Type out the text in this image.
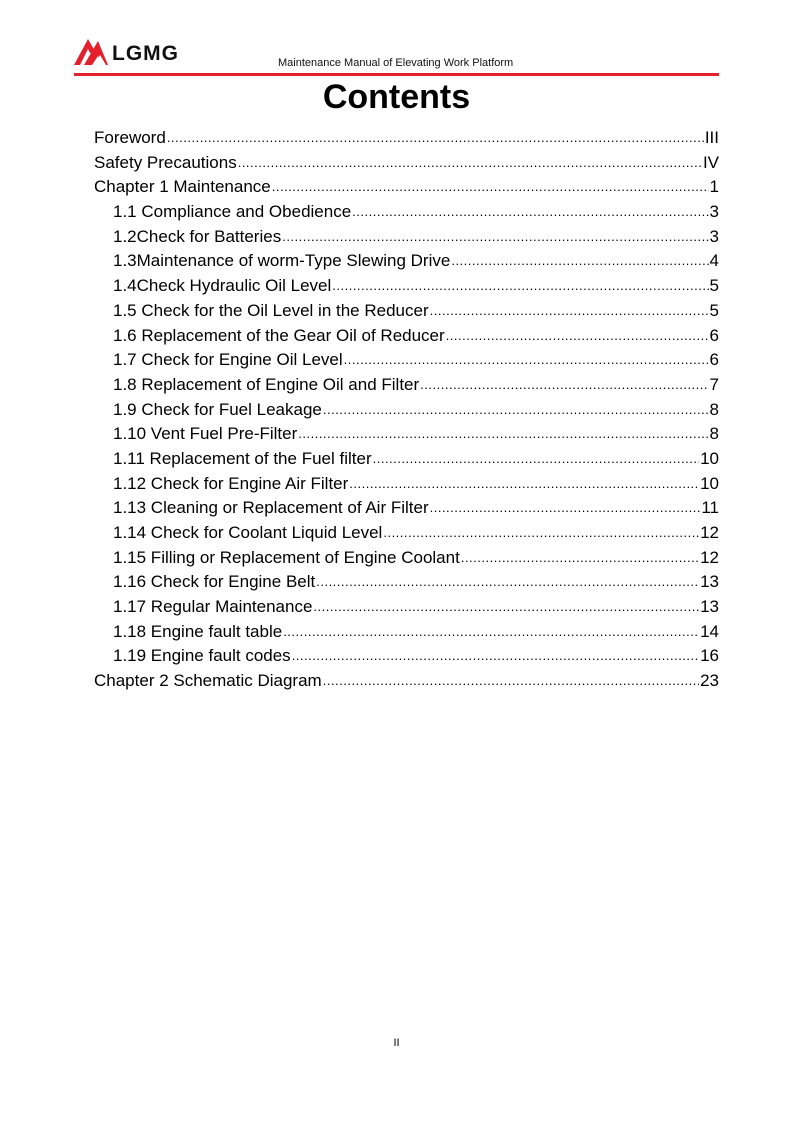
LGMG	Maintenance Manual of Elevating Work Platform
Contents
Foreword .....	III
Safety Precautions .....	IV
Chapter 1 Maintenance .....	1
1.1 Compliance and Obedience .....	3
1.2Check for Batteries .....	3
1.3Maintenance of worm-Type Slewing Drive .....	4
1.4Check Hydraulic Oil Level .....	5
1.5 Check for the Oil Level in the Reducer .....	5
1.6 Replacement of the Gear Oil of Reducer .....	6
1.7 Check for Engine Oil Level .....	6
1.8 Replacement of Engine Oil and Filter .....	7
1.9 Check for Fuel Leakage .....	8
1.10 Vent Fuel Pre-Filter .....	8
1.11 Replacement of the Fuel filter .....	10
1.12 Check for Engine Air Filter .....	10
1.13 Cleaning or Replacement of Air Filter .....	11
1.14 Check for Coolant Liquid Level .....	12
1.15 Filling or Replacement of Engine Coolant .....	12
1.16 Check for Engine Belt .....	13
1.17 Regular Maintenance .....	13
1.18 Engine fault table .....	14
1.19 Engine fault codes .....	16
Chapter 2 Schematic Diagram .....	23
II
